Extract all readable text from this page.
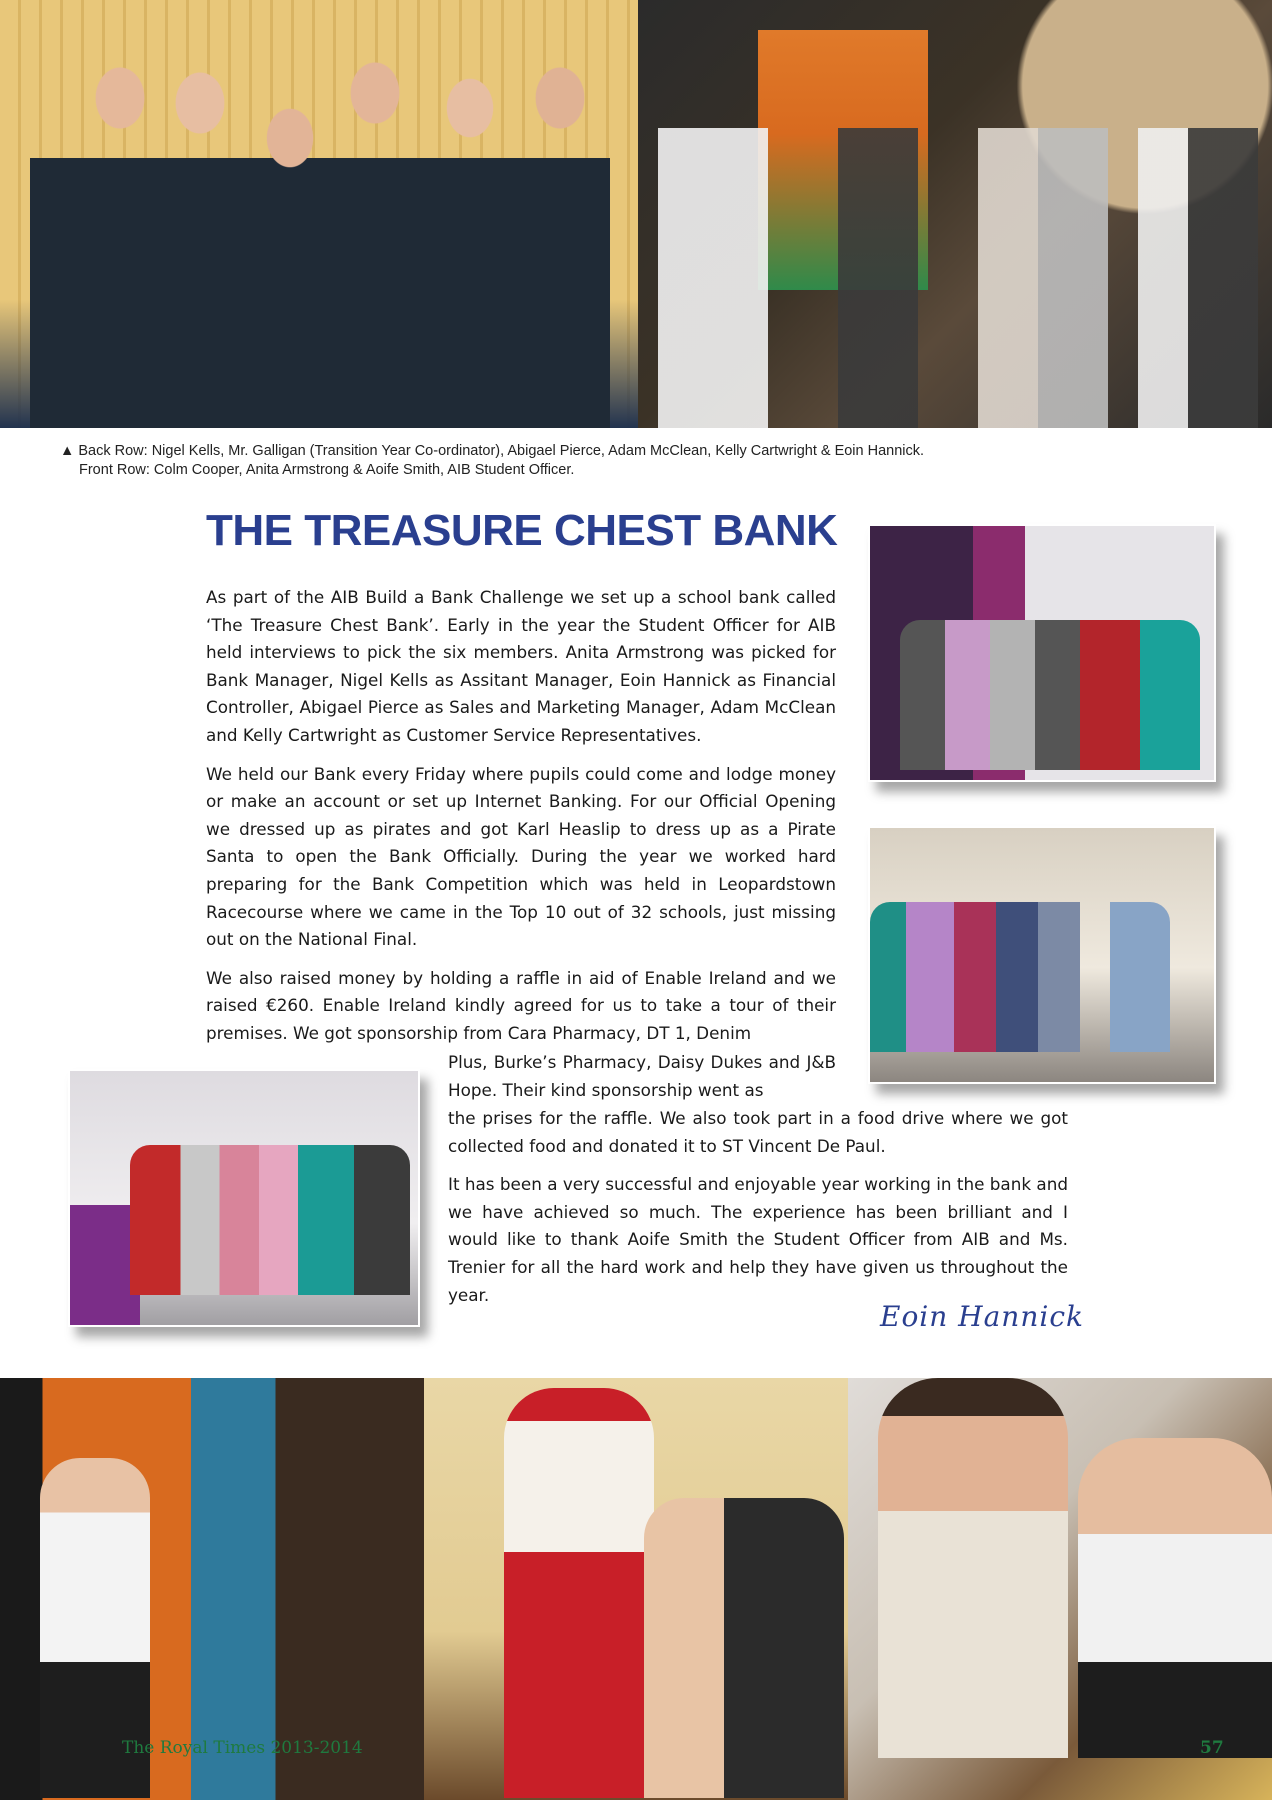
▲ Back Row: Nigel Kells, Mr. Galligan (Transition Year Co-ordinator), Abigael Pierce, Adam McClean, Kelly Cartwright & Eoin Hannick.
Front Row: Colm Cooper, Anita Armstrong & Aoife Smith, AIB Student Officer.
THE TREASURE CHEST BANK

As part of the AIB Build a Bank Challenge we set up a school bank called ‘The Treasure Chest Bank’. Early in the year the Student Officer for AIB held interviews to pick the six members. Anita Armstrong was picked for Bank Manager, Nigel Kells as Assitant Manager, Eoin Hannick as Financial Controller, Abigael Pierce as Sales and Marketing Manager, Adam McClean and Kelly Cartwright as Customer Service Representatives.

We held our Bank every Friday where pupils could come and lodge money or make an account or set up Internet Banking. For our Official Opening we dressed up as pirates and got Karl Heaslip to dress up as a Pirate Santa to open the Bank Officially. During the year we worked hard preparing for the Bank Competition which was held in Leopardstown Racecourse where we came in the Top 10 out of 32 schools, just missing out on the National Final.

We also raised money by holding a raffle in aid of Enable Ireland and we raised €260. Enable Ireland kindly agreed for us to take a tour of their premises. We got sponsorship from Cara Pharmacy, DT 1, Denim

Plus, Burke’s Pharmacy, Daisy Dukes and J&B Hope. Their kind sponsorship went as

the prises for the raffle. We also took part in a food drive where we got collected food and donated it to ST Vincent De Paul.

It has been a very successful and enjoyable year working in the bank and we have achieved so much. The experience has been brilliant and I would like to thank Aoife Smith the Student Officer from AIB and Ms. Trenier for all the hard work and help they have given us throughout the year.

Eoin Hannick
The Royal Times 2013-2014	57
